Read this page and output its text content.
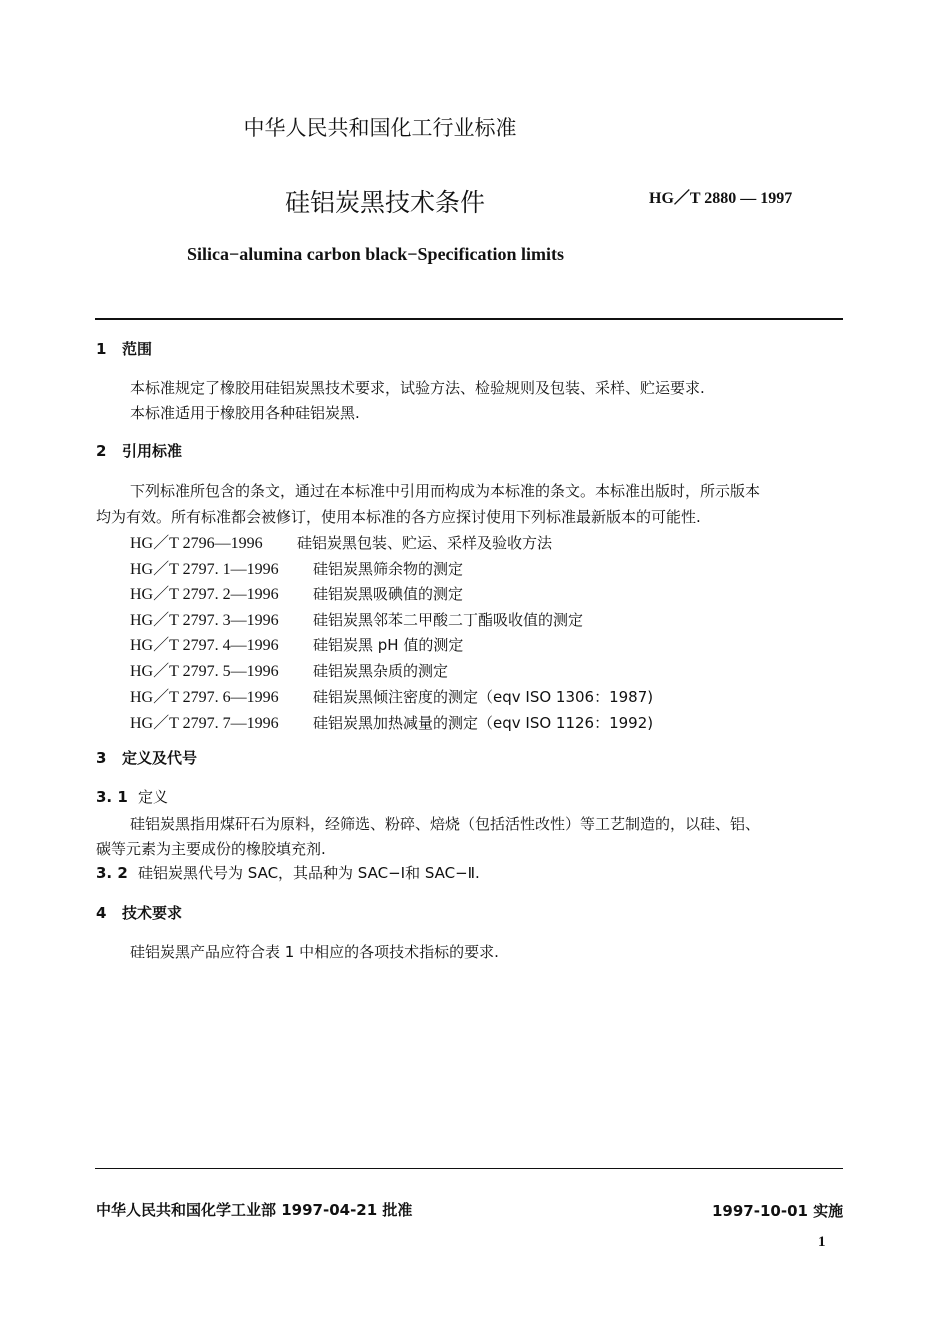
中华人民共和国化工行业标准
硅铝炭黑技术条件	HG／T 2880 — 1997
Silica−alumina carbon black−Specification limits
1 范围
本标准规定了橡胶用硅铝炭黑技术要求，试验方法、检验规则及包装、采样、贮运要求.
本标准适用于橡胶用各种硅铝炭黑.
2 引用标准
下列标准所包含的条文，通过在本标准中引用而构成为本标准的条文。本标准出版时，所示版本
均为有效。所有标准都会被修订，使用本标准的各方应探讨使用下列标准最新版本的可能性.
HG／T 2796—1996 硅铝炭黑包装、贮运、采样及验收方法
HG／T 2797. 1—1996 硅铝炭黑筛余物的测定
HG／T 2797. 2—1996 硅铝炭黑吸碘值的测定
HG／T 2797. 3—1996 硅铝炭黑邻苯二甲酸二丁酯吸收值的测定
HG／T 2797. 4—1996 硅铝炭黑 pH 值的测定
HG／T 2797. 5—1996 硅铝炭黑杂质的测定
HG／T 2797. 6—1996 硅铝炭黑倾注密度的测定（eqv ISO 1306：1987)
HG／T 2797. 7—1996 硅铝炭黑加热减量的测定（eqv ISO 1126：1992)
3 定义及代号
3. 1 定义
硅铝炭黑指用煤矸石为原料，经筛选、粉碎、焙烧（包括活性改性）等工艺制造的，以硅、铝、
碳等元素为主要成份的橡胶填充剂.
3. 2 硅铝炭黑代号为 SAC，其品种为 SAC−Ⅰ和 SAC−Ⅱ.
4 技术要求
硅铝炭黑产品应符合表 1 中相应的各项技术指标的要求.
中华人民共和国化学工业部 1997-04-21 批准	1997-10-01 实施
1
